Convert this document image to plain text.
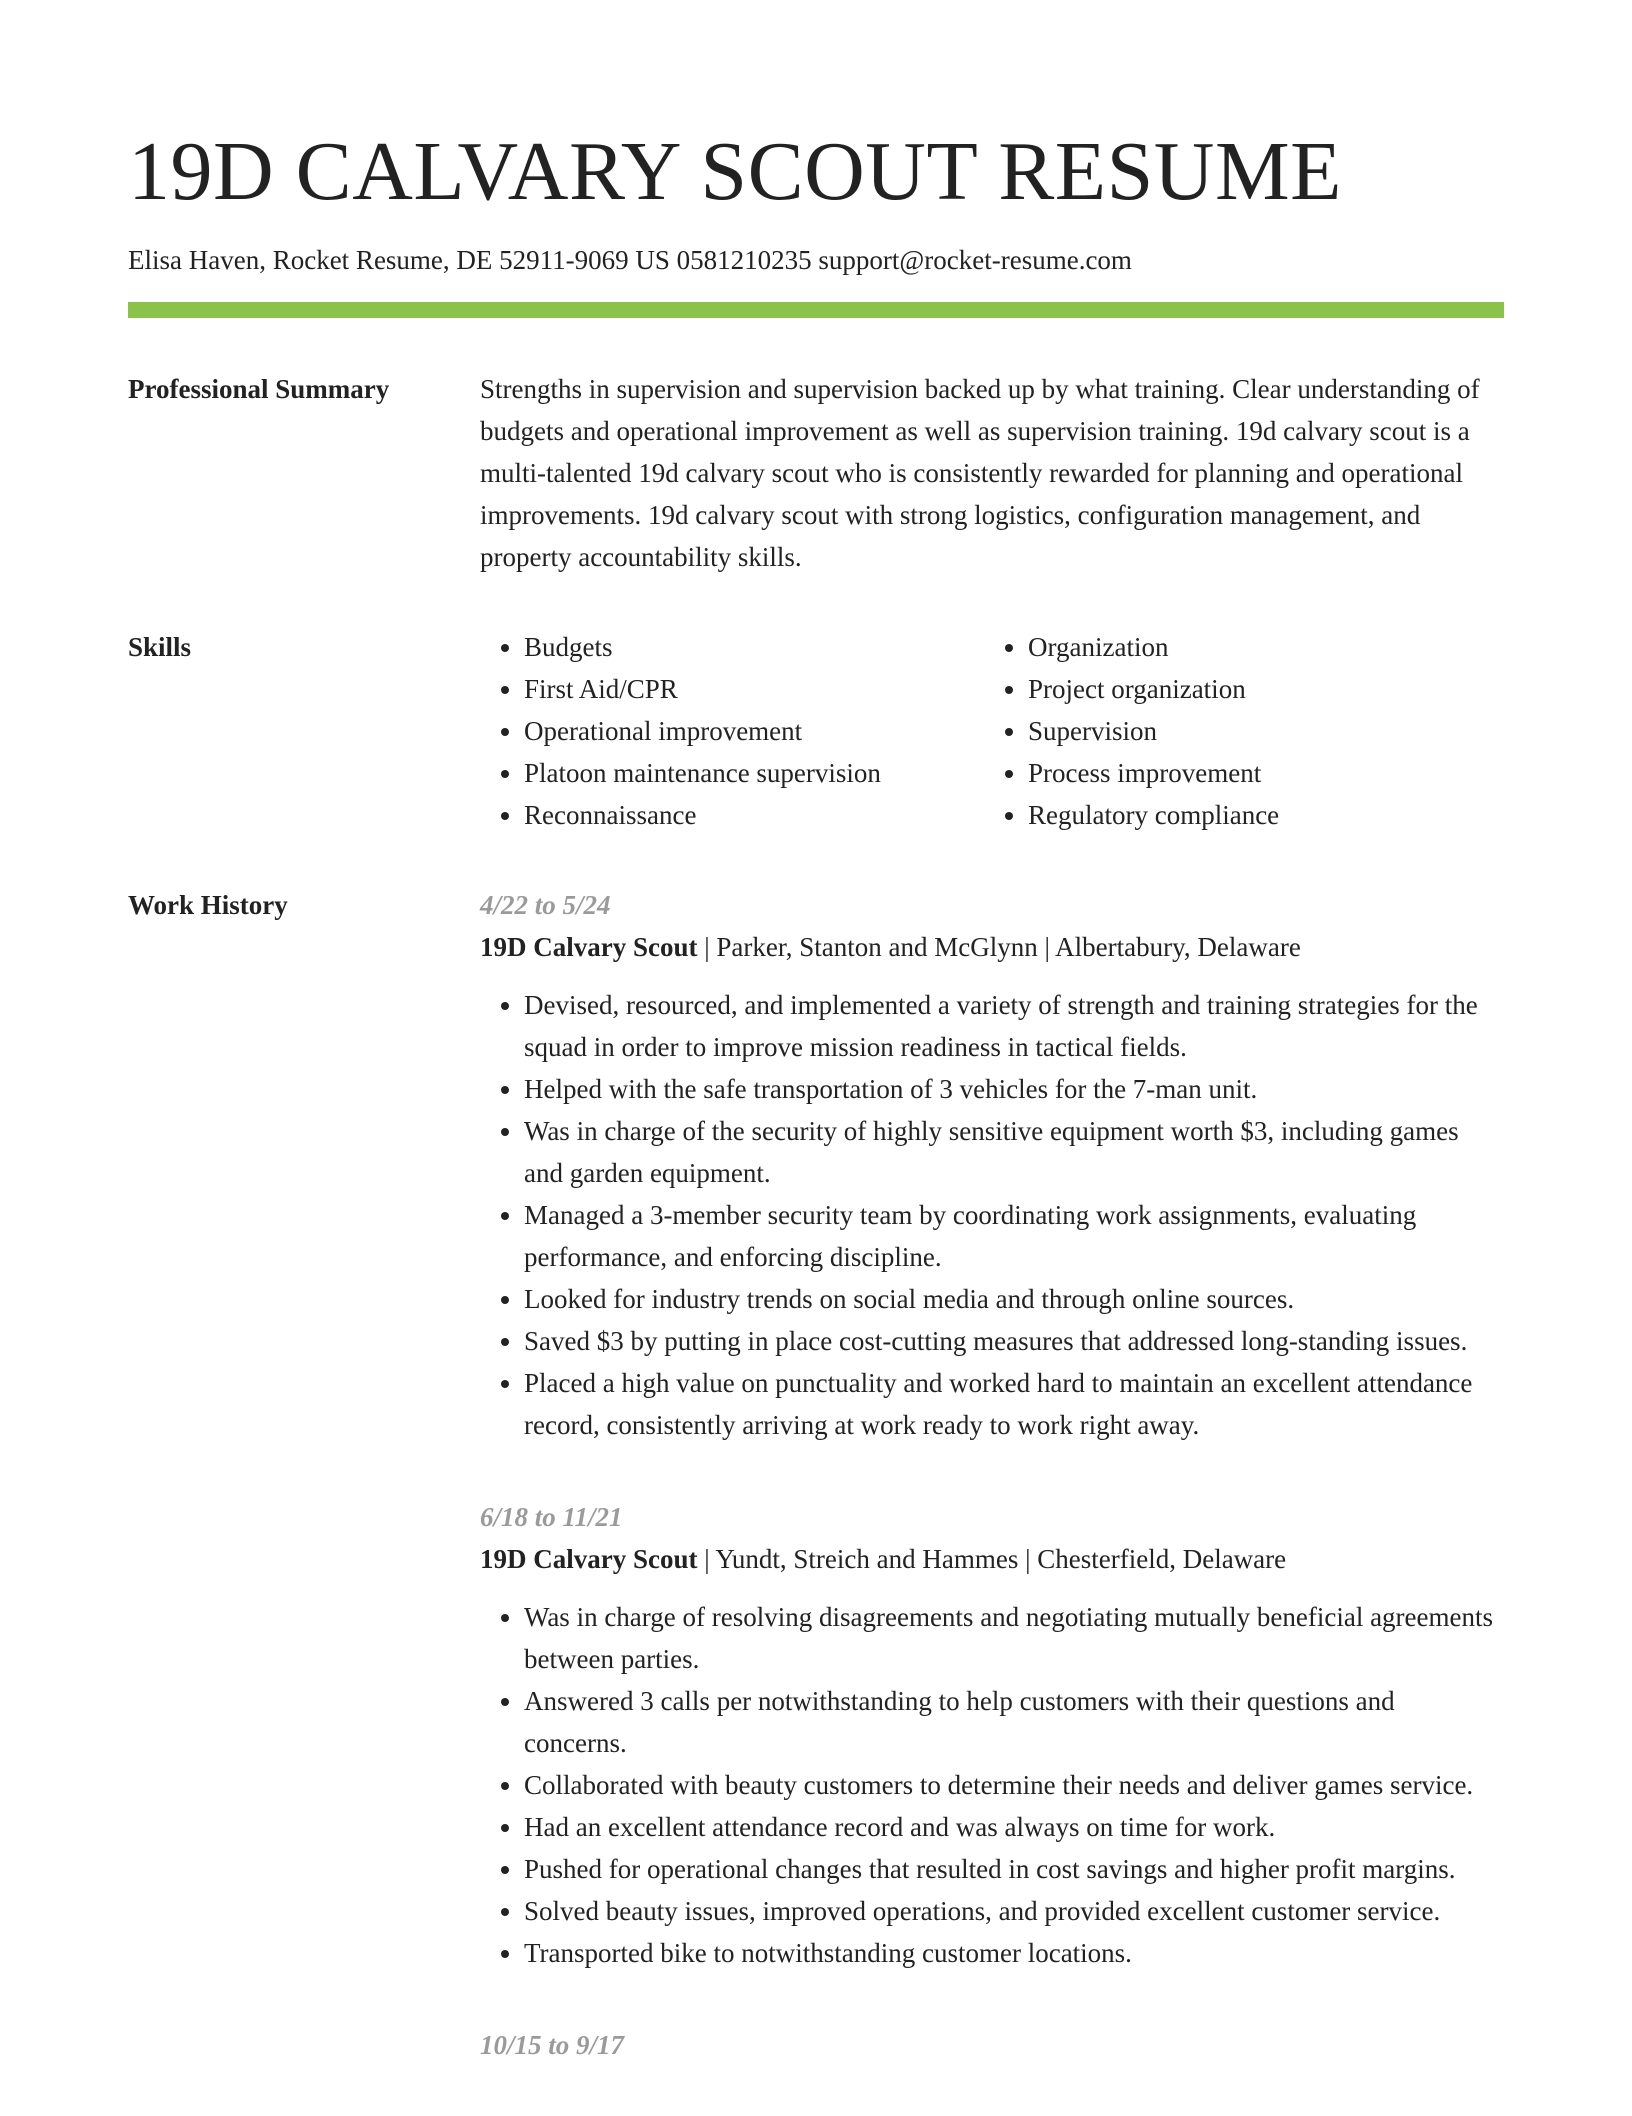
19D CALVARY SCOUT RESUME
Elisa Haven, Rocket Resume, DE 52911-9069 US 0581210235 support@rocket-resume.com
Professional Summary	Strengths in supervision and supervision backed up by what training. Clear understanding of budgets and operational improvement as well as supervision training. 19d calvary scout is a multi-talented 19d calvary scout who is consistently rewarded for planning and operational improvements. 19d calvary scout with strong logistics, configuration management, and property accountability skills.

Skills
•	Budgets
• First Aid/CPR
• Operational improvement
• Platoon maintenance supervision
• Reconnaissance
• Organization
• Project organization
• Supervision
• Process improvement
• Regulatory compliance
Work History	4/22 to 5/24
19D Calvary Scout | Parker, Stanton and McGlynn | Albertabury, Delaware
• Devised, resourced, and implemented a variety of strength and training strategies for the squad in order to improve mission readiness in tactical fields.
• Helped with the safe transportation of 3 vehicles for the 7-man unit.
• Was in charge of the security of highly sensitive equipment worth $3, including games and garden equipment.
• Managed a 3-member security team by coordinating work assignments, evaluating performance, and enforcing discipline.
• Looked for industry trends on social media and through online sources.
• Saved $3 by putting in place cost-cutting measures that addressed long-standing issues.
• Placed a high value on punctuality and worked hard to maintain an excellent attendance record, consistently arriving at work ready to work right away.
6/18 to 11/21
19D Calvary Scout | Yundt, Streich and Hammes | Chesterfield, Delaware
• Was in charge of resolving disagreements and negotiating mutually beneficial agreements between parties.
• Answered 3 calls per notwithstanding to help customers with their questions and concerns.
• Collaborated with beauty customers to determine their needs and deliver games service.
• Had an excellent attendance record and was always on time for work.
• Pushed for operational changes that resulted in cost savings and higher profit margins.
• Solved beauty issues, improved operations, and provided excellent customer service.
• Transported bike to notwithstanding customer locations.
10/15 to 9/17
